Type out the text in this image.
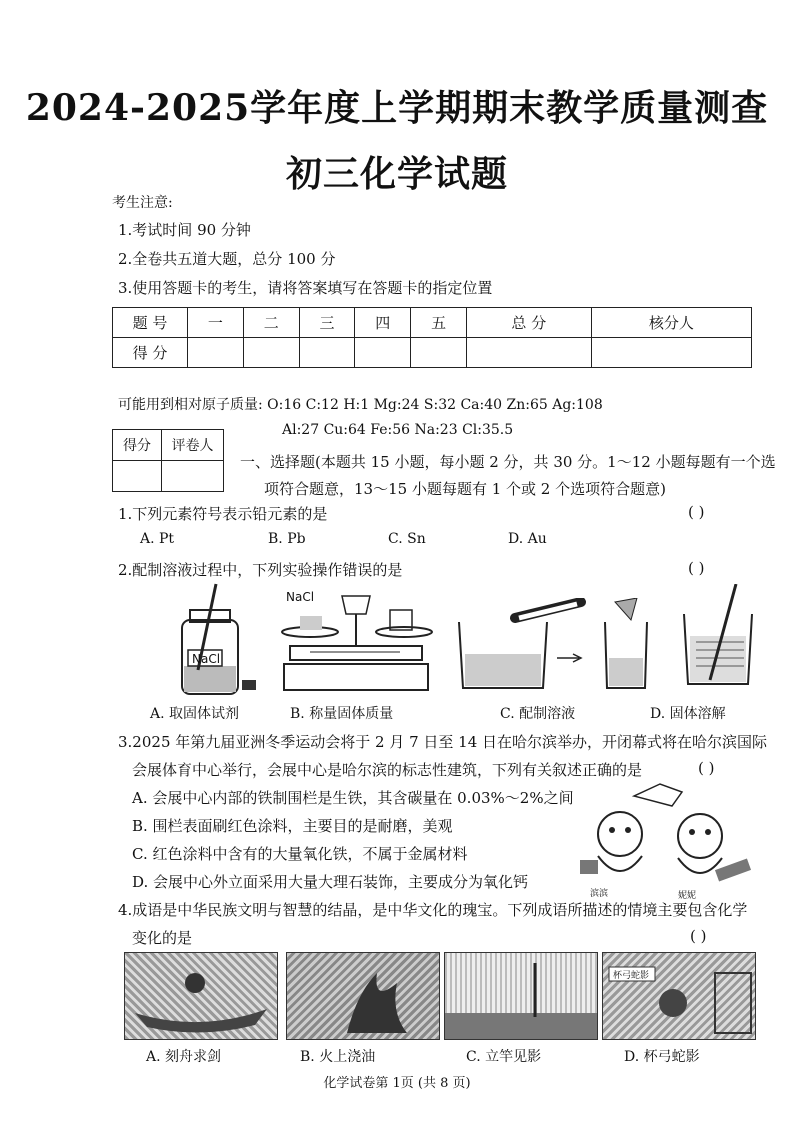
2024-2025学年度上学期期末教学质量测查
初三化学试题
考生注意:
1.考试时间 90 分钟
2.全卷共五道大题，总分 100 分
3.使用答题卡的考生，请将答案填写在答题卡的指定位置
题 号	一	二	三	四	五	总 分	核分人
得 分							
可能用到相对原子质量: O:16 C:12 H:1 Mg:24 S:32 Ca:40 Zn:65 Ag:108
Al:27 Cu:64 Fe:56 Na:23 Cl:35.5
得分	评卷人

一、选择题(本题共 15 小题，每小题 2 分，共 30 分。1～12 小题每题有一个选
项符合题意，13～15 小题每题有 1 个或 2 个选项符合题意)
1.下列元素符号表示铅元素的是	( )
A. Pt	B. Pb	C. Sn	D. Au
2.配制溶液过程中，下列实验操作错误的是	( )
NaCl
NaCl
A. 取固体试剂	B. 称量固体质量	C. 配制溶液	D. 固体溶解
3.2025 年第九届亚洲冬季运动会将于 2 月 7 日至 14 日在哈尔滨举办，开闭幕式将在哈尔滨国际
会展体育中心举行，会展中心是哈尔滨的标志性建筑，下列有关叙述正确的是	( )
A. 会展中心内部的铁制围栏是生铁，其含碳量在 0.03%～2%之间
B. 围栏表面刷红色涂料，主要目的是耐磨，美观
C. 红色涂料中含有的大量氧化铁，不属于金属材料
D. 会展中心外立面采用大量大理石装饰，主要成分为氧化钙
滨滨	妮妮
4.成语是中华民族文明与智慧的结晶，是中华文化的瑰宝。下列成语所描述的情境主要包含化学
变化的是	( )
杯弓蛇影
A. 刻舟求剑	B. 火上浇油	C. 立竿见影	D. 杯弓蛇影
化学试卷第 1页 (共 8 页)
